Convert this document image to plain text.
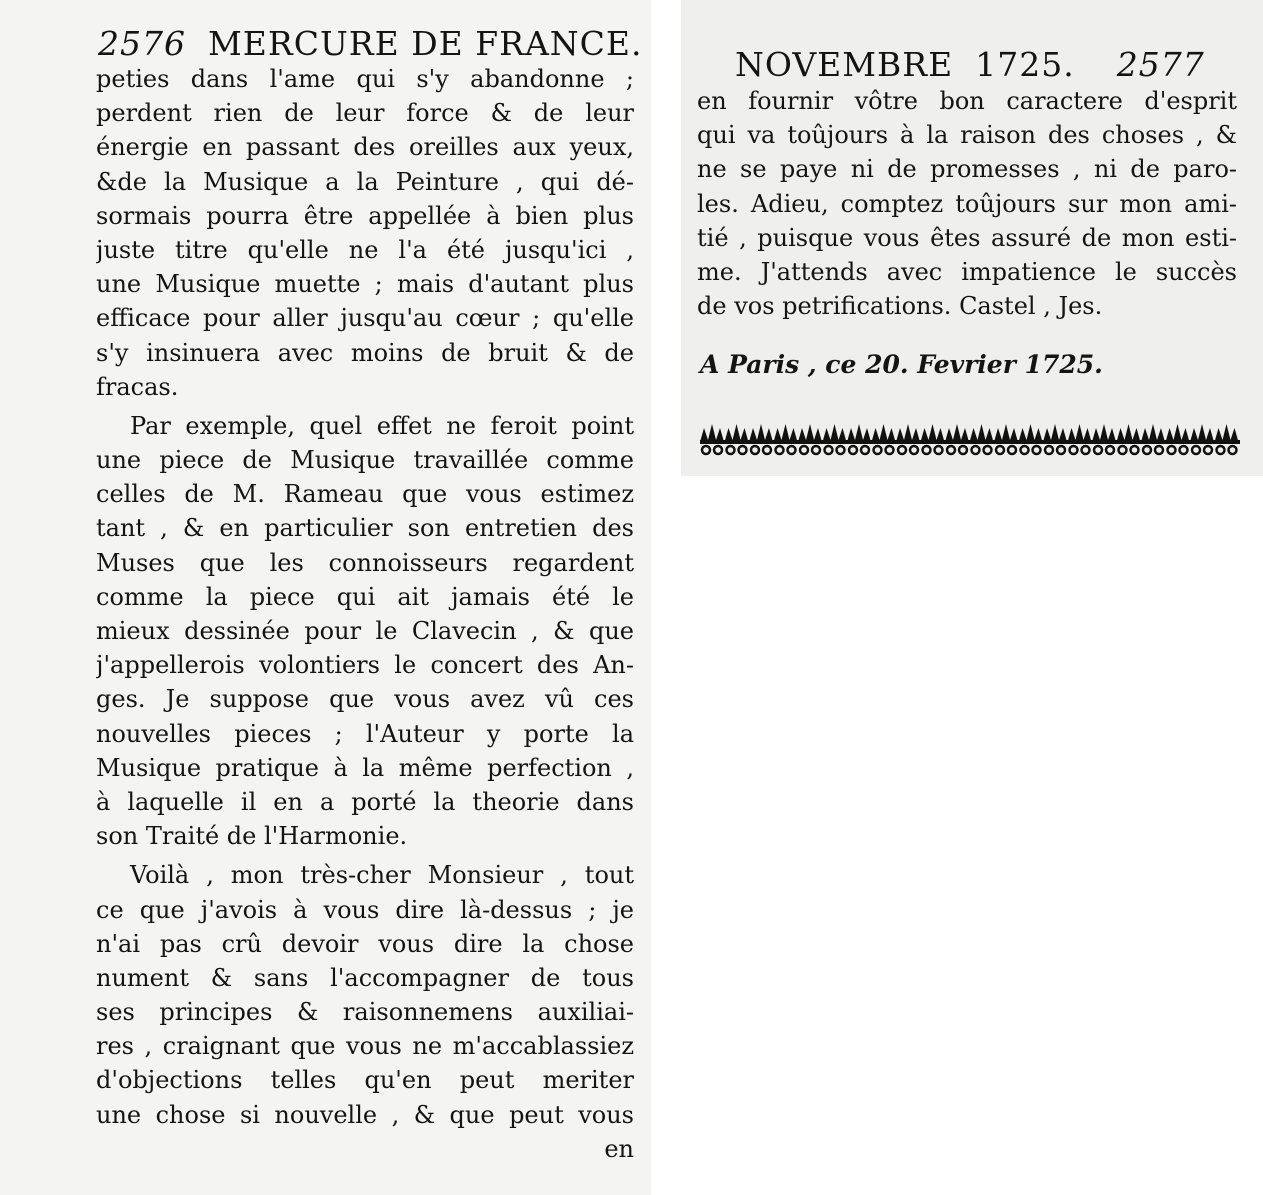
2576 MERCURE DE FRANCE.
peties dans l'ame qui s'y abandonne ;
perdent rien de leur force & de leur
énergie en passant des oreilles aux yeux,
&de la Musique a la Peinture , qui dé-
sormais pourra être appellée à bien plus
juste titre qu'elle ne l'a été jusqu'ici ,
une Musique muette ; mais d'autant plus
efficace pour aller jusqu'au cœur ; qu'elle
s'y insinuera avec moins de bruit & de
fracas.
Par exemple, quel effet ne feroit point
une piece de Musique travaillée comme
celles de M. Rameau que vous estimez
tant , & en particulier son entretien des
Muses que les connoisseurs regardent
comme la piece qui ait jamais été le
mieux dessinée pour le Clavecin , & que
j'appellerois volontiers le concert des An-
ges. Je suppose que vous avez vû ces
nouvelles pieces ; l'Auteur y porte la
Musique pratique à la même perfection ,
à laquelle il en a porté la theorie dans
son Traité de l'Harmonie.
Voilà , mon très-cher Monsieur , tout
ce que j'avois à vous dire là-dessus ; je
n'ai pas crû devoir vous dire la chose
nument & sans l'accompagner de tous
ses principes & raisonnemens auxiliai-
res , craignant que vous ne m'accablassiez
d'objections telles qu'en peut meriter
une chose si nouvelle , & que peut vous
en
NOVEMBRE 1725. 2577
en fournir vôtre bon caractere d'esprit
qui va toûjours à la raison des choses , &
ne se paye ni de promesses , ni de paro-
les. Adieu, comptez toûjours sur mon ami-
tié , puisque vous êtes assuré de mon esti-
me. J'attends avec impatience le succès
de vos petrifications. Castel , Jes.
A Paris , ce 20. Fevrier 1725.
